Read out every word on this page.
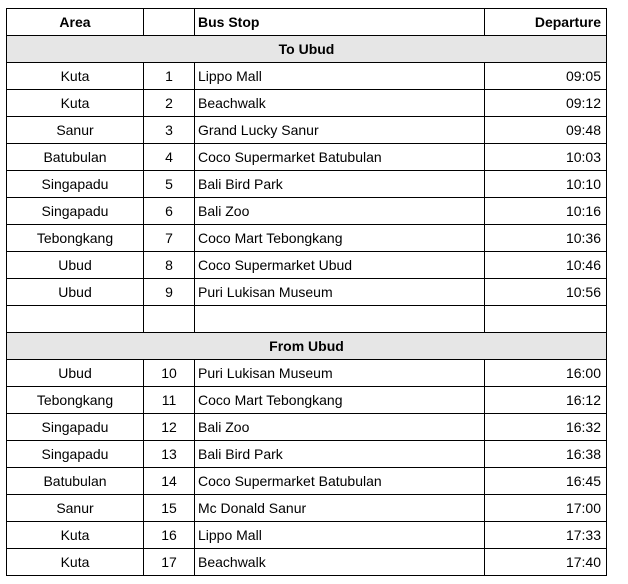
Area		Bus Stop	Departure
To Ubud			
Kuta	1	Lippo Mall	09:05
Kuta	2	Beachwalk	09:12
Sanur	3	Grand Lucky Sanur	09:48
Batubulan	4	Coco Supermarket Batubulan	10:03
Singapadu	5	Bali Bird Park	10:10
Singapadu	6	Bali Zoo	10:16
Tebongkang	7	Coco Mart Tebongkang	10:36
Ubud	8	Coco Supermarket Ubud	10:46
Ubud	9	Puri Lukisan Museum	10:56

From Ubud			
Ubud	10	Puri Lukisan Museum	16:00
Tebongkang	11	Coco Mart Tebongkang	16:12
Singapadu	12	Bali Zoo	16:32
Singapadu	13	Bali Bird Park	16:38
Batubulan	14	Coco Supermarket Batubulan	16:45
Sanur	15	Mc Donald Sanur	17:00
Kuta	16	Lippo Mall	17:33
Kuta	17	Beachwalk	17:40
